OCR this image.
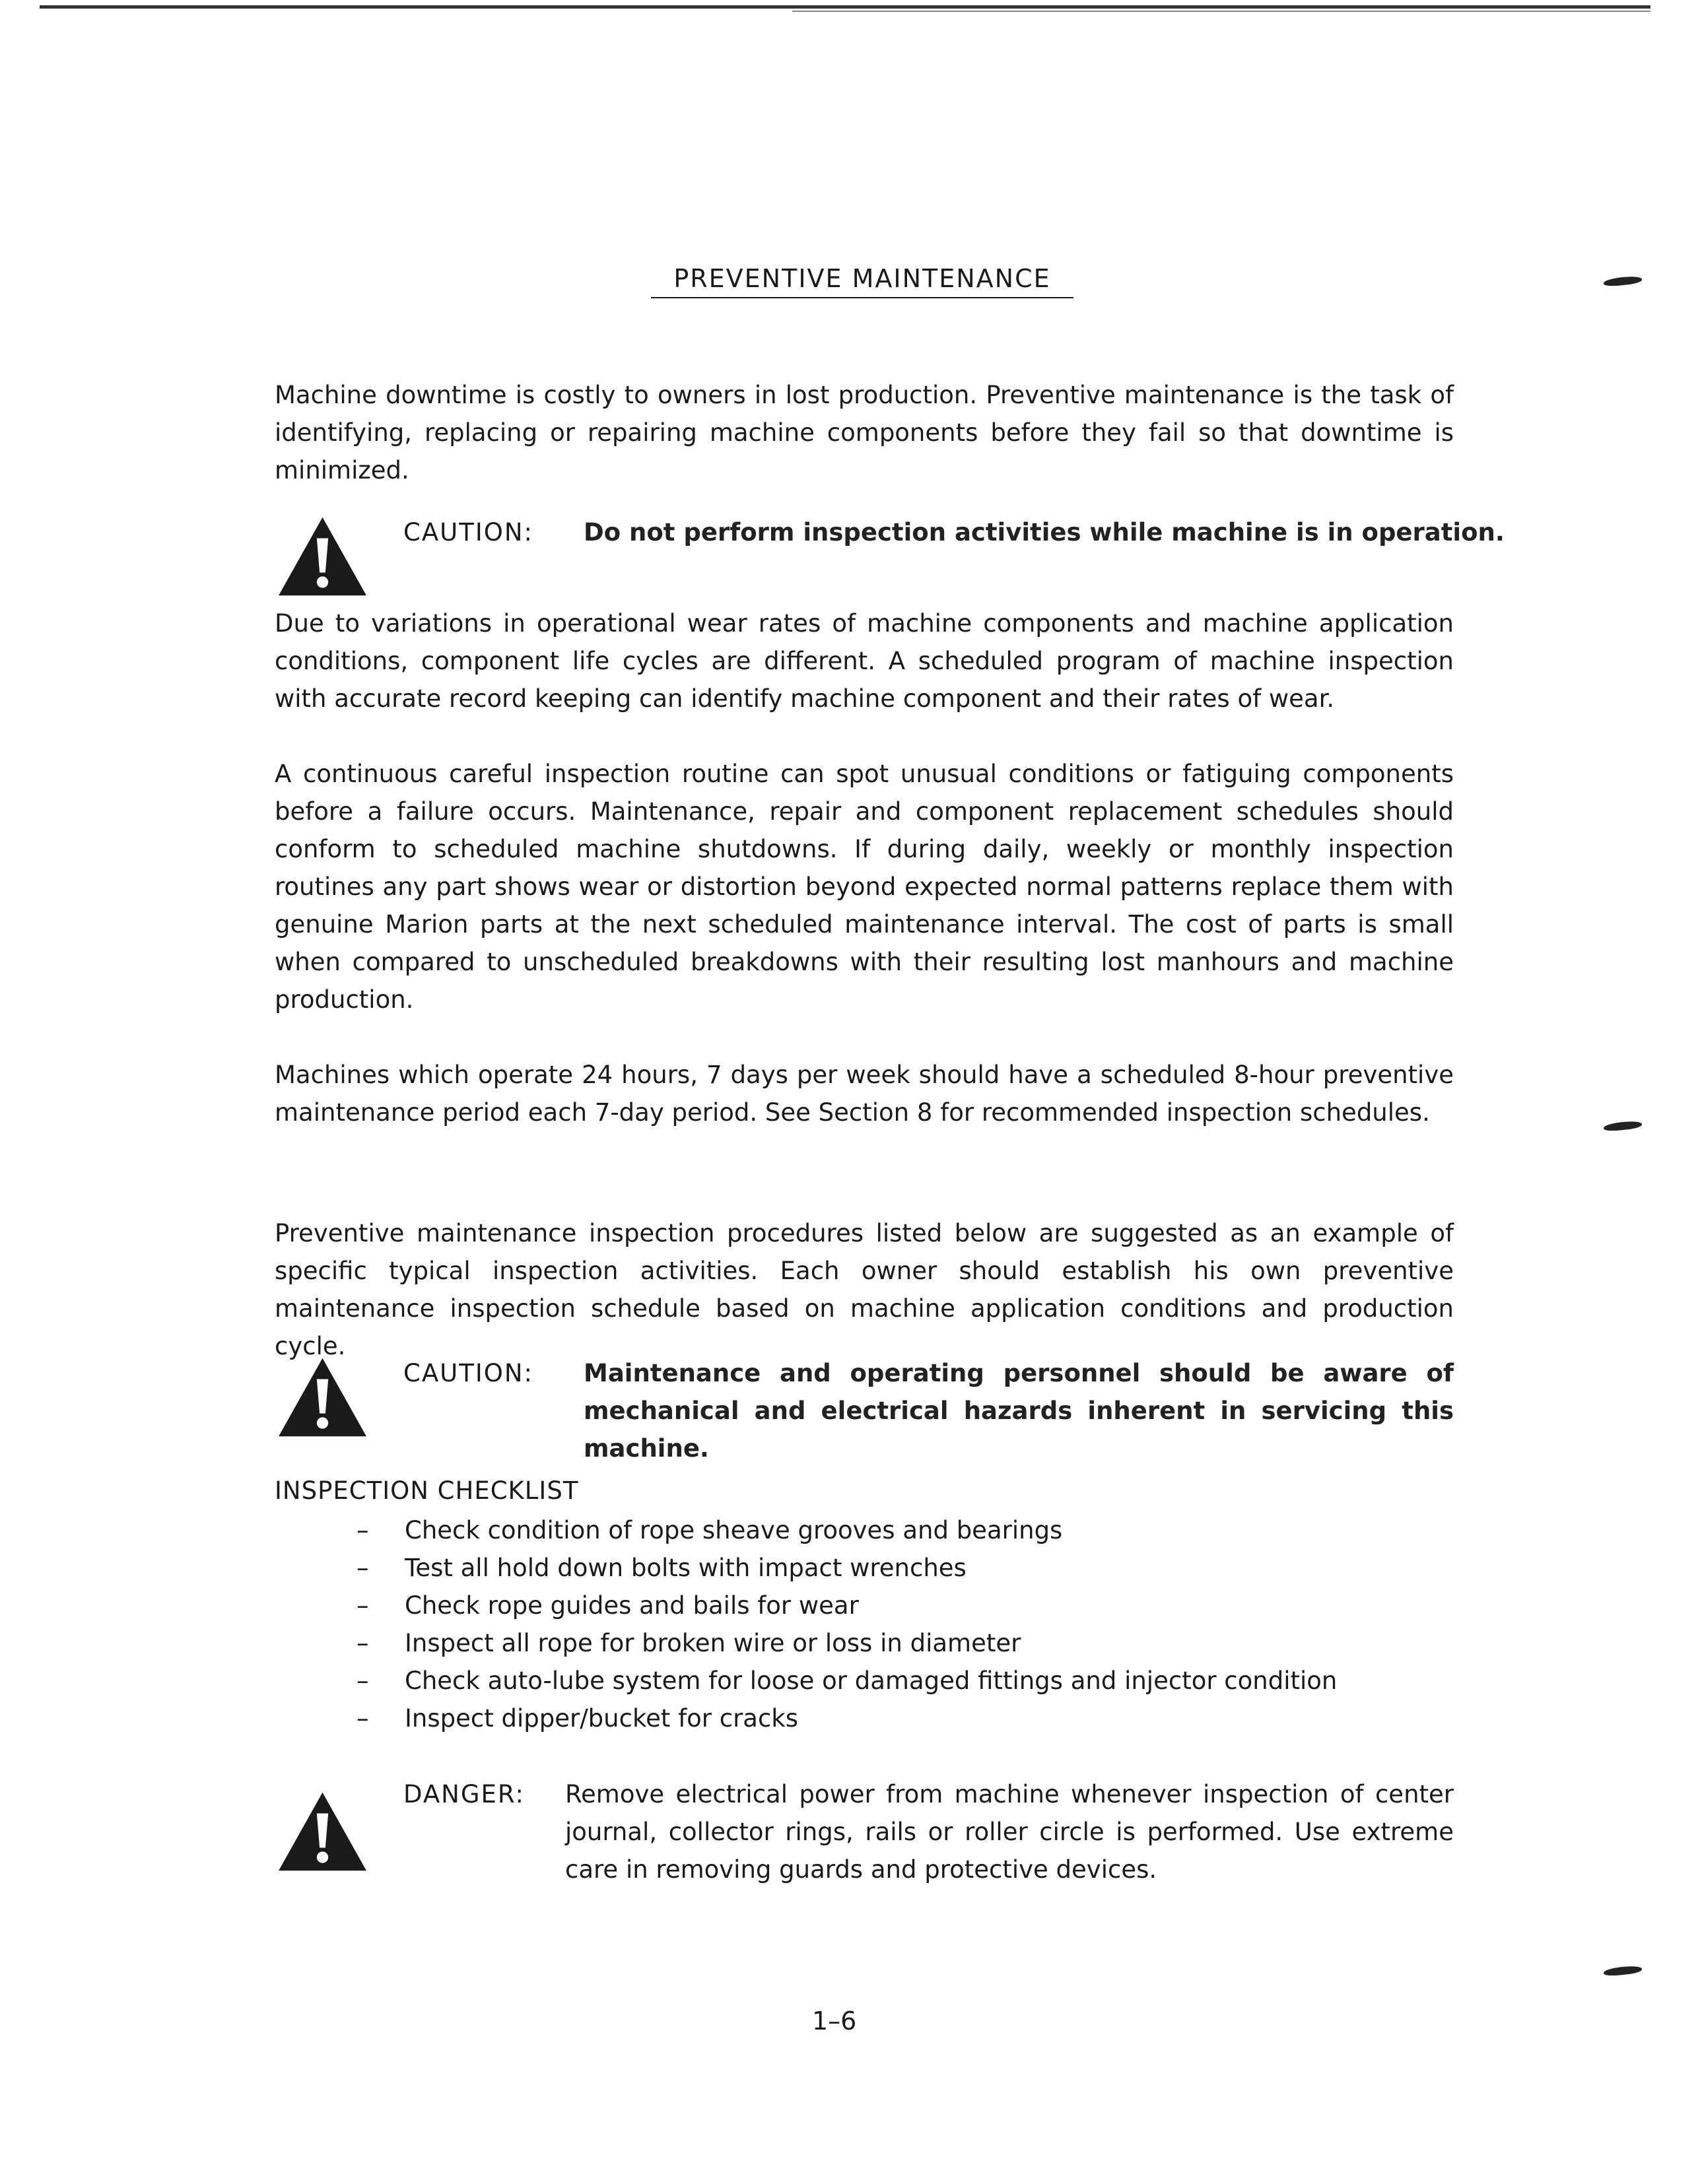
PREVENTIVE MAINTENANCE
Machine downtime is costly to owners in lost production. Preventive maintenance is the task of identifying, replacing or repairing machine components before they fail so that downtime is minimized.
CAUTION: Do not perform inspection activities while machine is in operation.
Due to variations in operational wear rates of machine components and machine application conditions, component life cycles are different. A scheduled program of machine inspection with accurate record keeping can identify machine component and their rates of wear.
A continuous careful inspection routine can spot unusual conditions or fatiguing components before a failure occurs. Maintenance, repair and component replacement schedules should conform to scheduled machine shutdowns. If during daily, weekly or monthly inspection routines any part shows wear or distortion beyond expected normal patterns replace them with genuine Marion parts at the next scheduled maintenance interval. The cost of parts is small when compared to unscheduled breakdowns with their resulting lost manhours and machine production.
Machines which operate 24 hours, 7 days per week should have a scheduled 8-hour preventive maintenance period each 7-day period. See Section 8 for recommended inspection schedules.
Preventive maintenance inspection procedures listed below are suggested as an example of specific typical inspection activities. Each owner should establish his own preventive maintenance inspection schedule based on machine application conditions and production cycle.
CAUTION: Maintenance and operating personnel should be aware of mechanical and electrical hazards inherent in servicing this machine.
INSPECTION CHECKLIST
– Check condition of rope sheave grooves and bearings
– Test all hold down bolts with impact wrenches
– Check rope guides and bails for wear
– Inspect all rope for broken wire or loss in diameter
– Check auto-lube system for loose or damaged fittings and injector condition
– Inspect dipper/bucket for cracks
DANGER: Remove electrical power from machine whenever inspection of center journal, collector rings, rails or roller circle is performed. Use extreme care in removing guards and protective devices.
1–6
